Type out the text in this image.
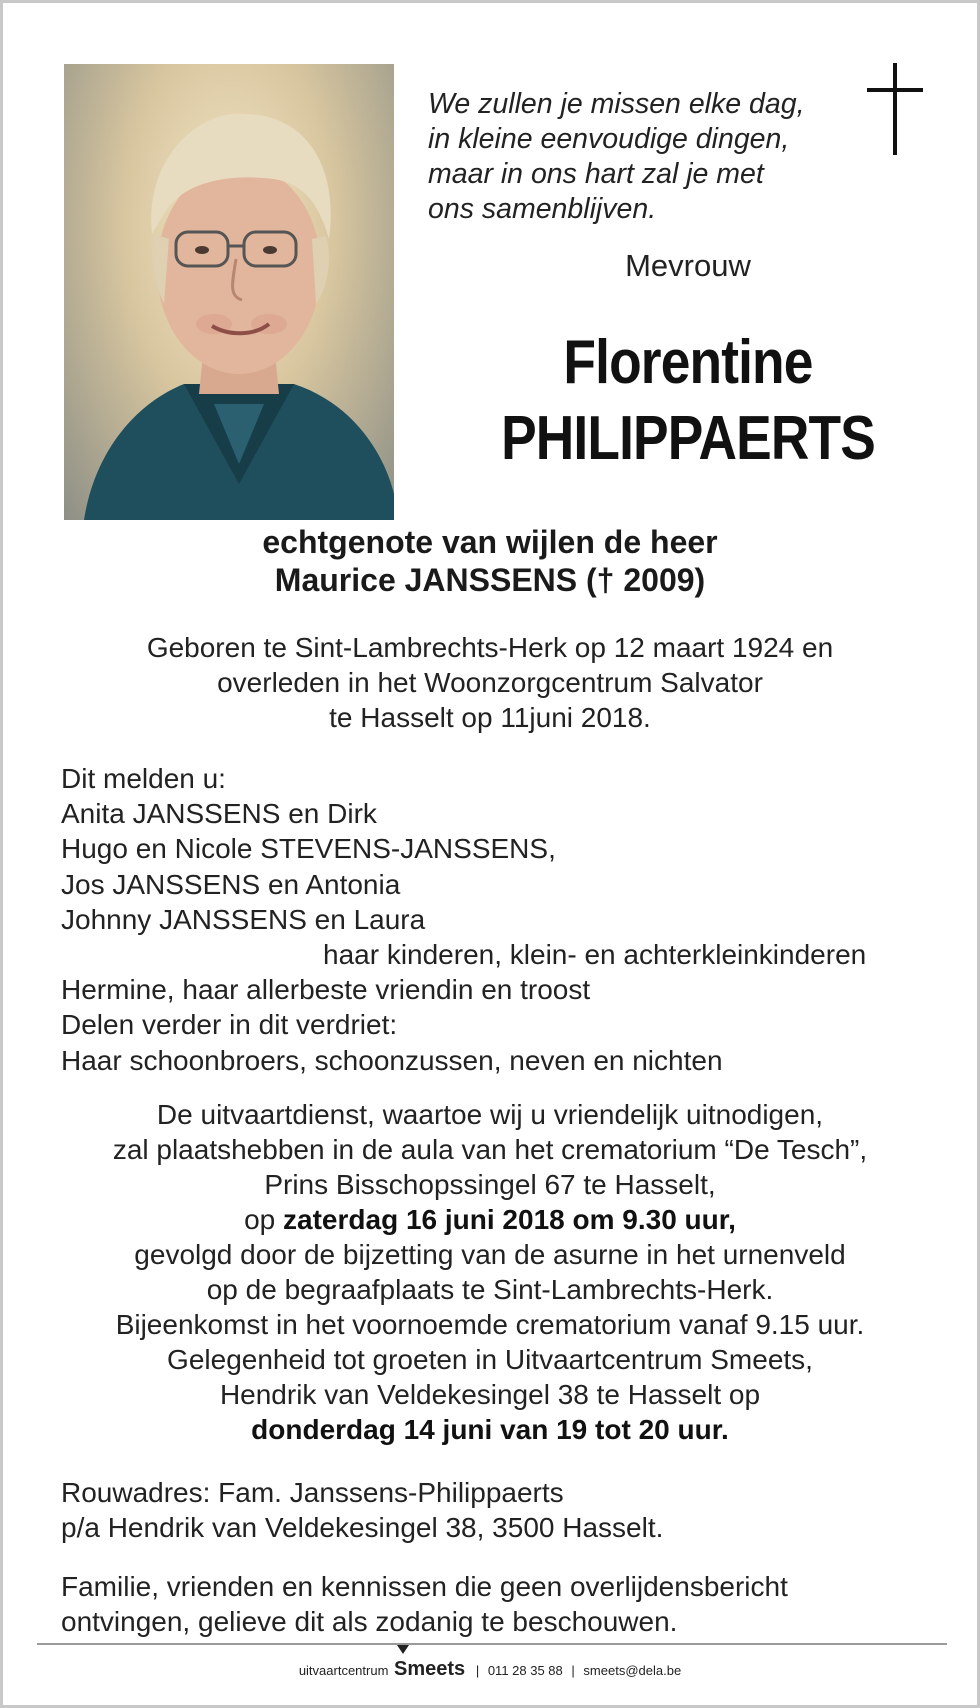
We zullen je missen elke dag,
in kleine eenvoudige dingen,
maar in ons hart zal je met
ons samenblijven.
Mevrouw
Florentine
PHILIPPAERTS
echtgenote van wijlen de heer
Maurice JANSSENS († 2009)
Geboren te Sint-Lambrechts-Herk op 12 maart 1924 en
overleden in het Woonzorgcentrum Salvator
te Hasselt op 11juni 2018.
Dit melden u:
Anita JANSSENS en Dirk
Hugo en Nicole STEVENS-JANSSENS,
Jos JANSSENS en Antonia
Johnny JANSSENS en Laura
haar kinderen, klein- en achterkleinkinderen
Hermine, haar allerbeste vriendin en troost
Delen verder in dit verdriet:
Haar schoonbroers, schoonzussen, neven en nichten
De uitvaartdienst, waartoe wij u vriendelijk uitnodigen,
zal plaatshebben in de aula van het crematorium “De Tesch”,
Prins Bisschopssingel 67 te Hasselt,
op zaterdag 16 juni 2018 om 9.30 uur,
gevolgd door de bijzetting van de asurne in het urnenveld
op de begraafplaats te Sint-Lambrechts-Herk.
Bijeenkomst in het voornoemde crematorium vanaf 9.15 uur.
Gelegenheid tot groeten in Uitvaartcentrum Smeets,
Hendrik van Veldekesingel 38 te Hasselt op
donderdag 14 juni van 19 tot 20 uur.
Rouwadres: Fam. Janssens-Philippaerts
p/a Hendrik van Veldekesingel 38, 3500 Hasselt.
Familie, vrienden en kennissen die geen overlijdensbericht
ontvingen, gelieve dit als zodanig te beschouwen.
uitvaartcentrum Smeets | 011 28 35 88 | smeets@dela.be
